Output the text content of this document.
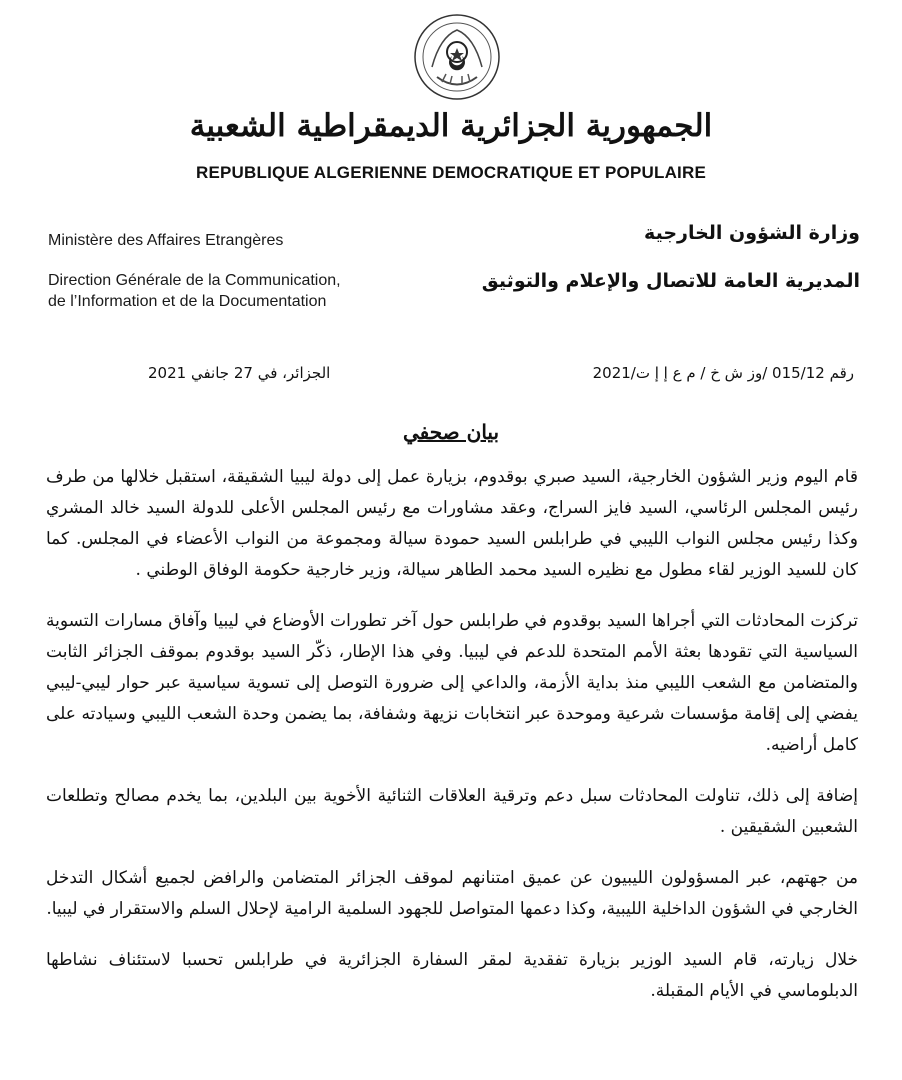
الجمهورية الجزائرية الديمقراطية الشعبية
REPUBLIQUE ALGERIENNE DEMOCRATIQUE ET POPULAIRE
Ministère des Affaires Etrangères
Direction Générale de la Communication,
de l’Information et de la Documentation
وزارة الشؤون الخارجية
المديرية العامة للاتصال والإعلام والتوثيق
رقم 015/12 /وز ش خ / م ع إ إ ت/2021
الجزائر، في 27 جانفي 2021
بيان صحفي

قام اليوم وزير الشؤون الخارجية، السيد صبري بوقدوم، بزيارة عمل إلى دولة ليبيا الشقيقة، استقبل خلالها من طرف رئيس المجلس الرئاسي، السيد فايز السراج، وعقد مشاورات مع رئيس المجلس الأعلى للدولة السيد خالد المشري وكذا رئيس مجلس النواب الليبي في طرابلس السيد حمودة سيالة ومجموعة من النواب الأعضاء في المجلس. كما كان للسيد الوزير لقاء مطول مع نظيره السيد محمد الطاهر سيالة، وزير خارجية حكومة الوفاق الوطني .

تركزت المحادثات التي أجراها السيد بوقدوم في طرابلس حول آخر تطورات الأوضاع في ليبيا وآفاق مسارات التسوية السياسية التي تقودها بعثة الأمم المتحدة للدعم في ليبيا. وفي هذا الإطار، ذكّر السيد بوقدوم بموقف الجزائر الثابت والمتضامن مع الشعب الليبي منذ بداية الأزمة، والداعي إلى ضرورة التوصل إلى تسوية سياسية عبر حوار ليبي-ليبي يفضي إلى إقامة مؤسسات شرعية وموحدة عبر انتخابات نزيهة وشفافة، بما يضمن وحدة الشعب الليبي وسيادته على كامل أراضيه.

إضافة إلى ذلك، تناولت المحادثات سبل دعم وترقية العلاقات الثنائية الأخوية بين البلدين، بما يخدم مصالح وتطلعات الشعبين الشقيقين .

من جهتهم، عبر المسؤولون الليبيون عن عميق امتنانهم لموقف الجزائر المتضامن والرافض لجميع أشكال التدخل الخارجي في الشؤون الداخلية الليبية، وكذا دعمها المتواصل للجهود السلمية الرامية لإحلال السلم والاستقرار في ليبيا.

خلال زيارته، قام السيد الوزير بزيارة تفقدية لمقر السفارة الجزائرية في طرابلس تحسبا لاستئناف نشاطها الدبلوماسي في الأيام المقبلة.
